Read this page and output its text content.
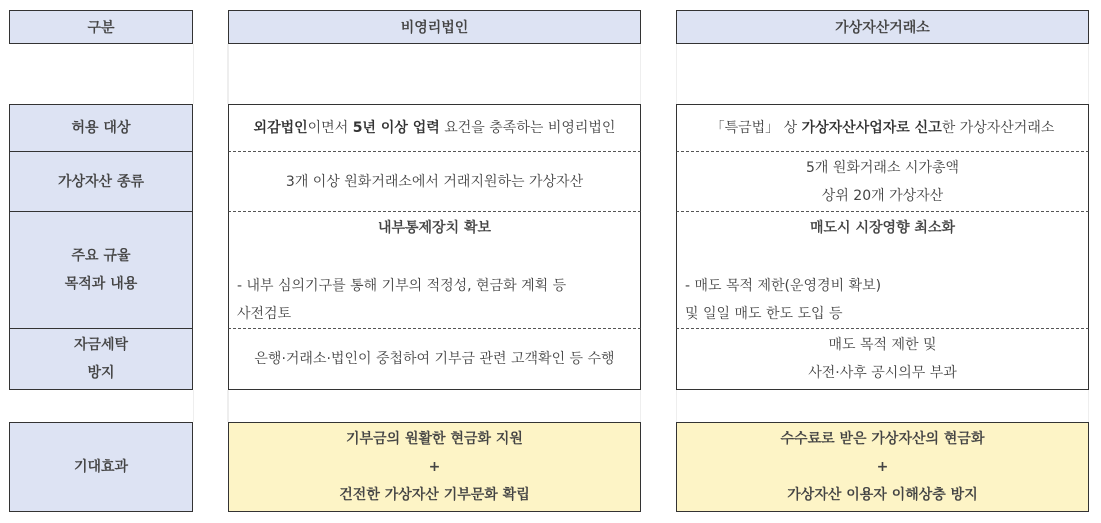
구분	비영리법인	가상자산거래소
허용 대상
가상자산 종류
주요 규율
목적과 내용
자금세탁
방지
외감법인이면서 5년 이상 업력 요건을 충족하는 비영리법인
3개 이상 원화거래소에서 거래지원하는 가상자산
내부통제장치 확보
- 내부 심의기구를 통해 기부의 적정성, 현금화 계획 등
사전검토
은행·거래소·법인이 중첩하여 기부금 관련 고객확인 등 수행
「특금법」 상 가상자산사업자로 신고한 가상자산거래소
5개 원화거래소 시가총액
상위 20개 가상자산
매도시 시장영향 최소화
- 매도 목적 제한(운영경비 확보)
및 일일 매도 한도 도입 등
매도 목적 제한 및
사전·사후 공시의무 부과
기대효과
기부금의 원활한 현금화 지원
+
건전한 가상자산 기부문화 확립
수수료로 받은 가상자산의 현금화
+
가상자산 이용자 이해상충 방지
